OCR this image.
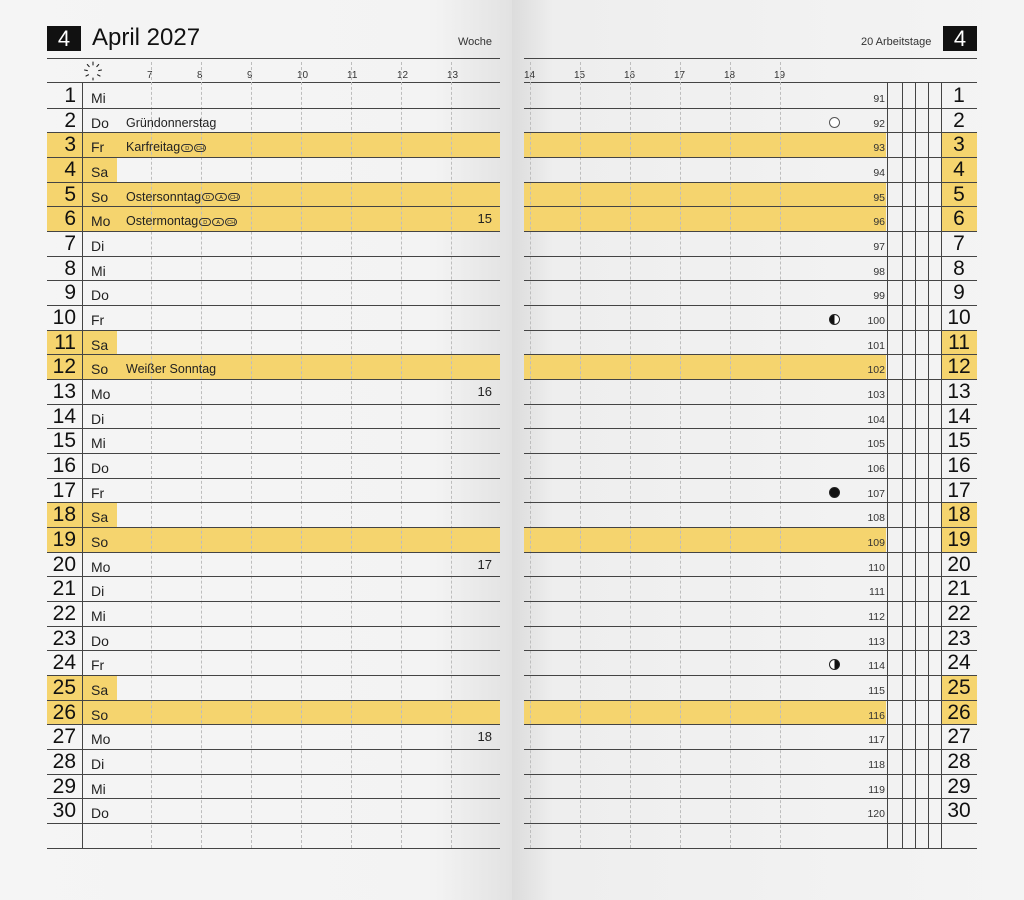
4 April 2027	Woche	4
20 Arbeitstage
7	8	9	10	11	12	13	14	15	16	17	18	19
1 Mi	91	1
2 Do Gründonnerstag	92	2
3 Fr Karfreitag D CH	93	3
4 Sa	94	4
5 So Ostersonntag D A CH	95	5
6 Mo Ostermontag D A CH	15	96	6
7 Di	97	7
8 Mi	98	8
9 Do	99	9
10 Fr	100	10
11 Sa	101	11
12 So Weißer Sonntag	102	12
13 Mo	16	103	13
14 Di	104	14
15 Mi	105	15
16 Do	106	16
17 Fr	107	17
18 Sa	108	18
19 So	109	19
20 Mo	17	110	20
21 Di	111	21
22 Mi	112	22
23 Do	113	23
24 Fr	114	24
25 Sa	115	25
26 So	116	26
27 Mo	18	117	27
28 Di	118	28
29 Mi	119	29
30 Do	120	30
